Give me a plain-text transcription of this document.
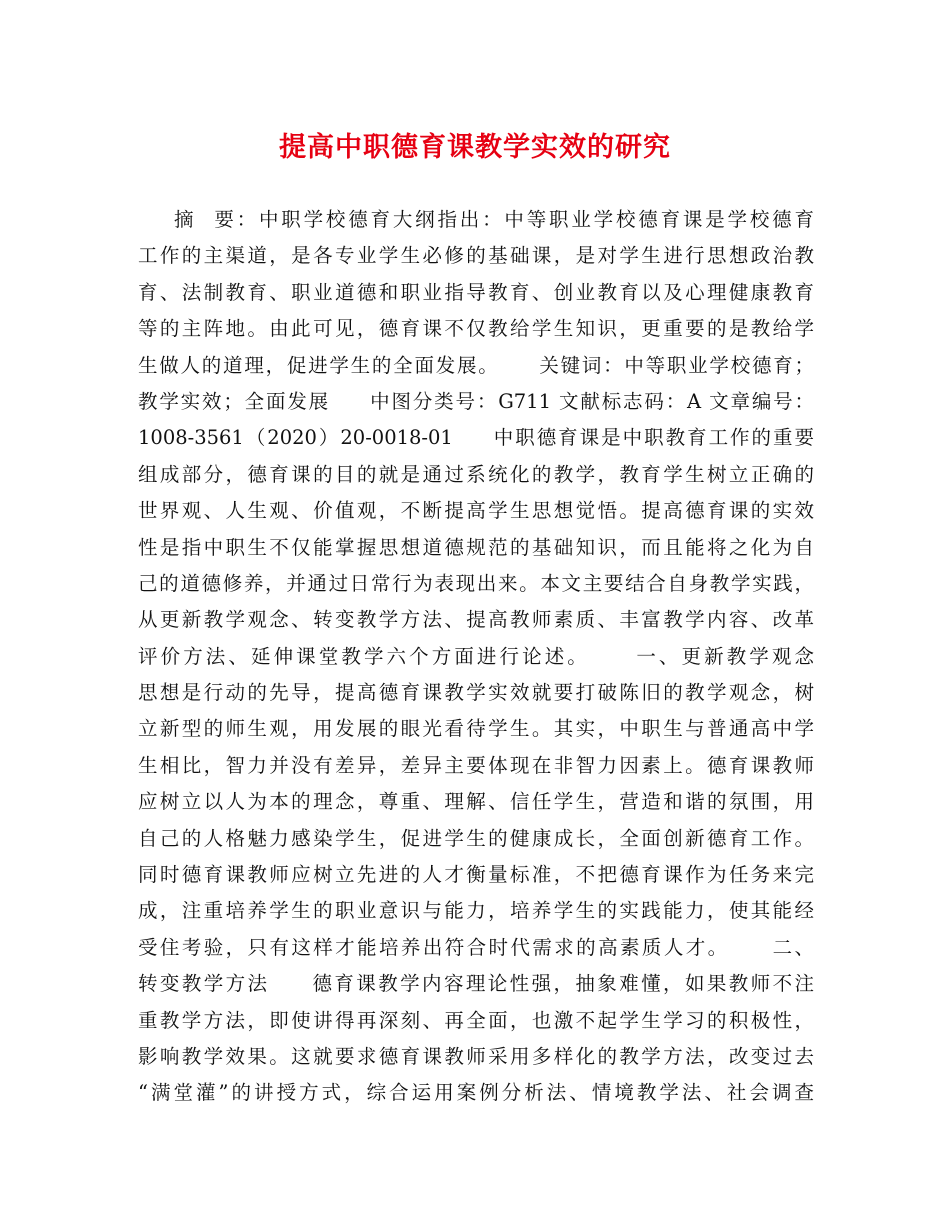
提高中职德育课教学实效的研究
摘  要：中职学校德育大纲指出：中等职业学校德育课是学校德育
工作的主渠道，是各专业学生必修的基础课，是对学生进行思想政治教
育、法制教育、职业道德和职业指导教育、创业教育以及心理健康教育
等的主阵地。由此可见，德育课不仅教给学生知识，更重要的是教给学
生做人的道理，促进学生的全面发展。     关键词：中等职业学校德育；
教学实效；全面发展     中图分类号：G711 文献标志码：A 文章编号：
1008-3561（2020）20-0018-01     中职德育课是中职教育工作的重要
组成部分，德育课的目的就是通过系统化的教学，教育学生树立正确的
世界观、人生观、价值观，不断提高学生思想觉悟。提高德育课的实效
性是指中职生不仅能掌握思想道德规范的基础知识，而且能将之化为自
己的道德修养，并通过日常行为表现出来。本文主要结合自身教学实践，
从更新教学观念、转变教学方法、提高教师素质、丰富教学内容、改革
评价方法、延伸课堂教学六个方面进行论述。     一、更新教学观念
思想是行动的先导，提高德育课教学实效就要打破陈旧的教学观念，树
立新型的师生观，用发展的眼光看待学生。其实，中职生与普通高中学
生相比，智力并没有差异，差异主要体现在非智力因素上。德育课教师
应树立以人为本的理念，尊重、理解、信任学生，营造和谐的氛围，用
自己的人格魅力感染学生，促进学生的健康成长，全面创新德育工作。
同时德育课教师应树立先进的人才衡量标准，不把德育课作为任务来完
成，注重培养学生的职业意识与能力，培养学生的实践能力，使其能经
受住考验，只有这样才能培养出符合时代需求的高素质人才。     二、
转变教学方法     德育课教学内容理论性强，抽象难懂，如果教师不注
重教学方法，即使讲得再深刻、再全面，也激不起学生学习的积极性，
影响教学效果。这就要求德育课教师采用多样化的教学方法，改变过去
“满堂灌”的讲授方式，综合运用案例分析法、情境教学法、社会调查
